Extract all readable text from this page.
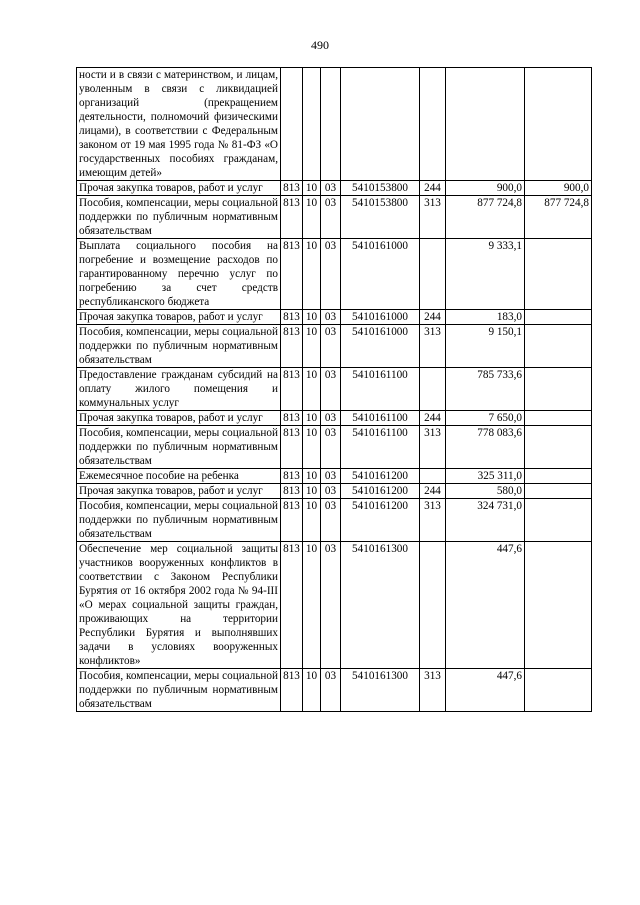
490
ности и в связи с материнством, и лицам, уволенным в связи с ликвидацией организаций (прекращением деятельности, полномочий физическими лицами), в соответствии с Федеральным законом от 19 мая 1995 года № 81-ФЗ «О государственных пособиях гражданам, имеющим детей»							
Прочая закупка товаров, работ и услуг	813	10	03	5410153800	244	900,0	900,0
Пособия, компенсации, меры социальной поддержки по публичным нормативным обязательствам	813	10	03	5410153800	313	877 724,8	877 724,8
Выплата социального пособия на погребение и возмещение расходов по гарантированному перечню услуг по погребению за счет средств республиканского бюджета	813	10	03	5410161000		9 333,1	
Прочая закупка товаров, работ и услуг	813	10	03	5410161000	244	183,0	
Пособия, компенсации, меры социальной поддержки по публичным нормативным обязательствам	813	10	03	5410161000	313	9 150,1	
Предоставление гражданам субсидий на оплату жилого помещения и коммунальных услуг	813	10	03	5410161100		785 733,6	
Прочая закупка товаров, работ и услуг	813	10	03	5410161100	244	7 650,0	
Пособия, компенсации, меры социальной поддержки по публичным нормативным обязательствам	813	10	03	5410161100	313	778 083,6	
Ежемесячное пособие на ребенка	813	10	03	5410161200		325 311,0	
Прочая закупка товаров, работ и услуг	813	10	03	5410161200	244	580,0	
Пособия, компенсации, меры социальной поддержки по публичным нормативным обязательствам	813	10	03	5410161200	313	324 731,0	
Обеспечение мер социальной защиты участников вооруженных конфликтов в соответствии с Законом Республики Бурятия от 16 октября 2002 года № 94-III «О мерах социальной защиты граждан, проживающих на территории Республики Бурятия и выполнявших задачи в условиях вооруженных конфликтов»	813	10	03	5410161300		447,6	
Пособия, компенсации, меры социальной поддержки по публичным нормативным обязательствам	813	10	03	5410161300	313	447,6	
